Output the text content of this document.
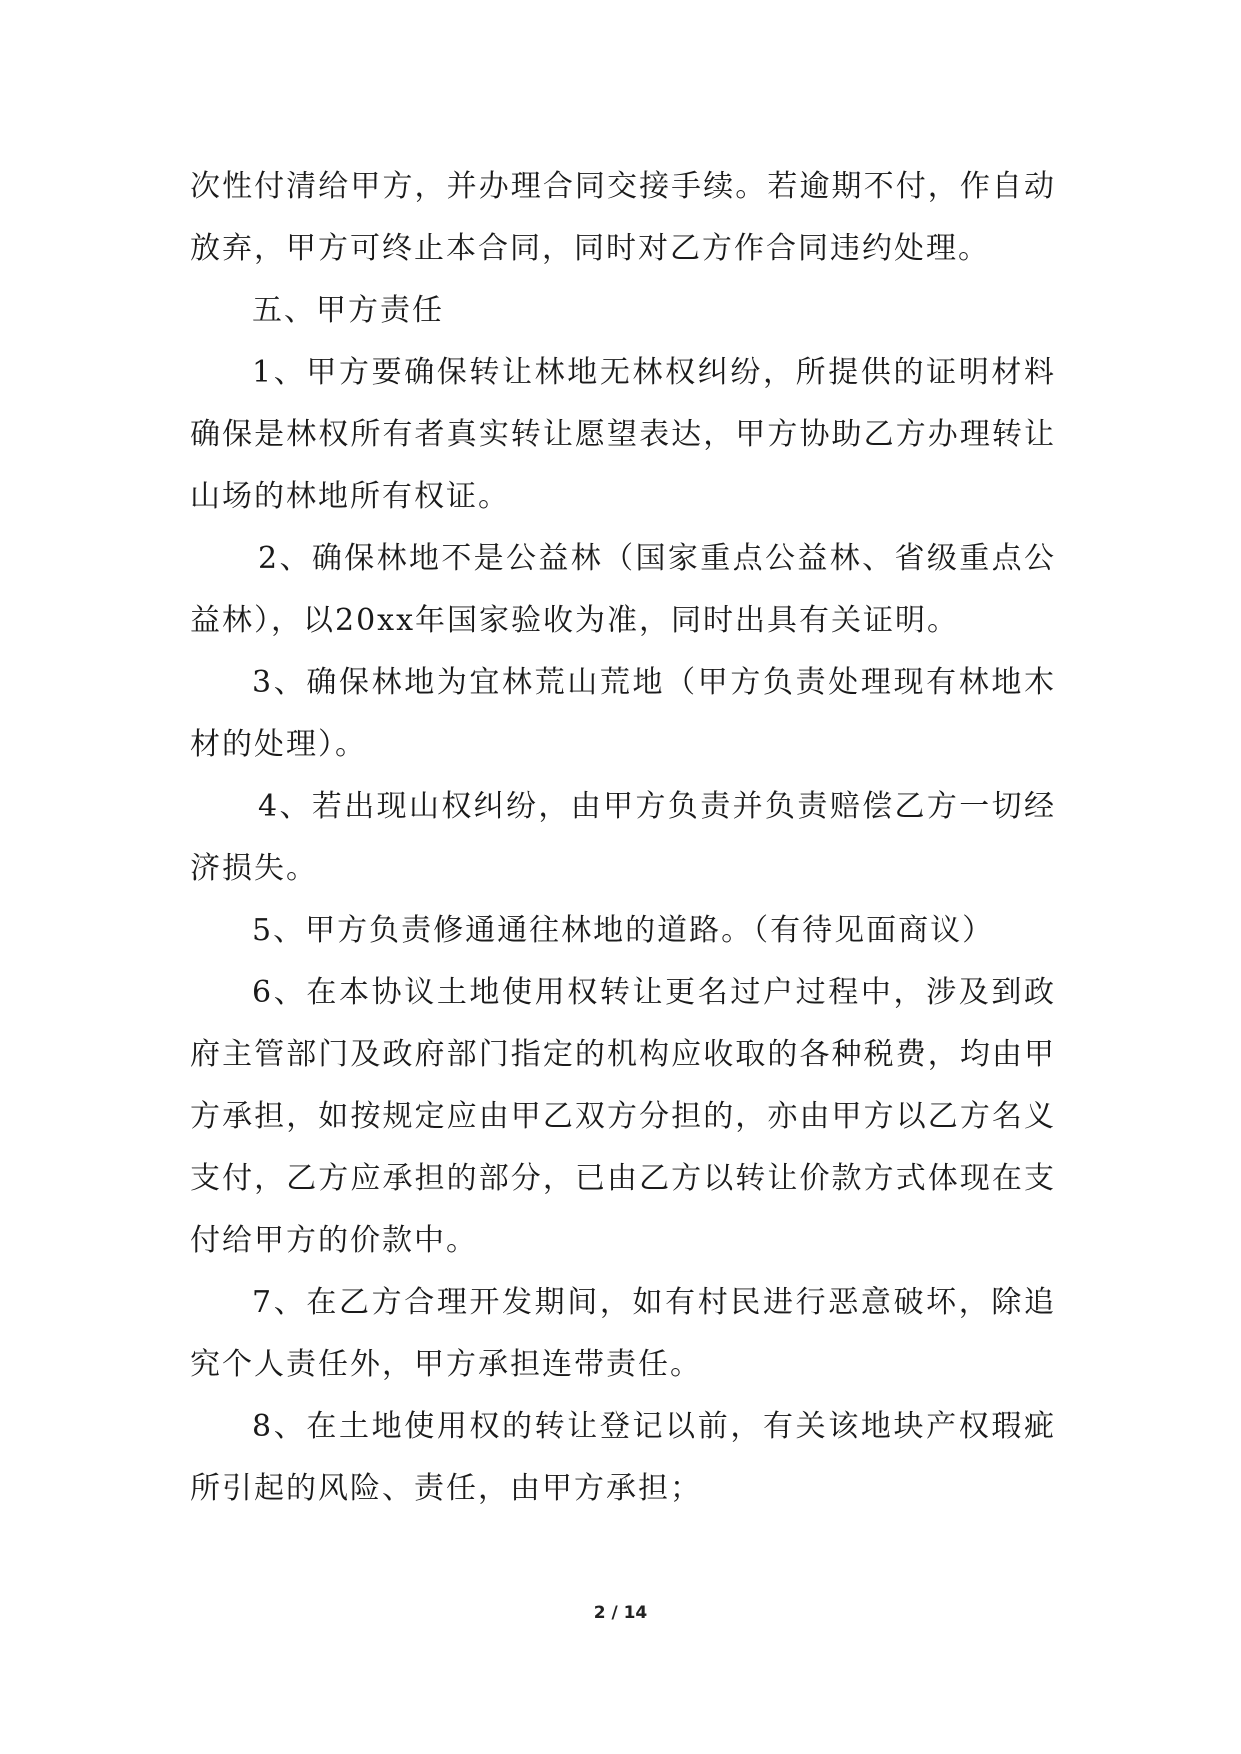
次性付清给甲方，并办理合同交接手续。若逾期不付，作自动放弃，甲方可终止本合同，同时对乙方作合同违约处理。

五、甲方责任

1、甲方要确保转让林地无林权纠纷，所提供的证明材料确保是林权所有者真实转让愿望表达，甲方协助乙方办理转让山场的林地所有权证。

2、确保林地不是公益林（国家重点公益林、省级重点公益林），以20xx年国家验收为准，同时出具有关证明。

3、确保林地为宜林荒山荒地（甲方负责处理现有林地木材的处理）。

4、若出现山权纠纷，由甲方负责并负责赔偿乙方一切经济损失。

5、甲方负责修通通往林地的道路。（有待见面商议）

6、在本协议土地使用权转让更名过户过程中，涉及到政府主管部门及政府部门指定的机构应收取的各种税费，均由甲方承担，如按规定应由甲乙双方分担的，亦由甲方以乙方名义支付，乙方应承担的部分，已由乙方以转让价款方式体现在支付给甲方的价款中。

7、在乙方合理开发期间，如有村民进行恶意破坏，除追究个人责任外，甲方承担连带责任。

8、在土地使用权的转让登记以前，有关该地块产权瑕疵所引起的风险、责任，由甲方承担；

2 / 14
